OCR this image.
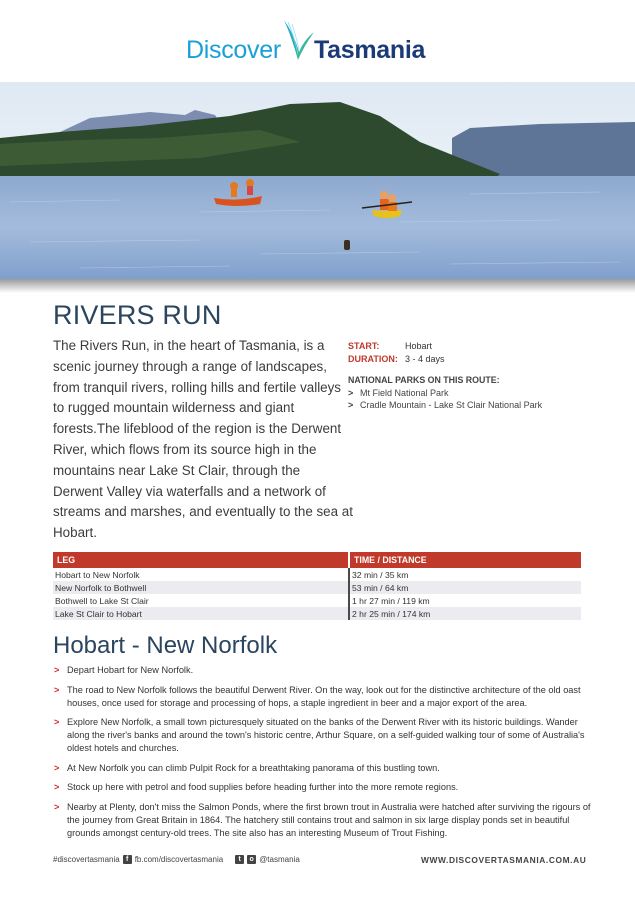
Discover Tasmania
RIVERS RUN

The Rivers Run, in the heart of Tasmania, is a scenic journey through a range of landscapes, from tranquil rivers, rolling hills and fertile valleys to rugged mountain wilderness and giant forests.The lifeblood of the region is the Derwent River, which flows from its source high in the mountains near Lake St Clair, through the Derwent Valley via waterfalls and a network of streams and marshes, and eventually to the sea at Hobart.

START:	Hobart
DURATION: 3 - 4 days
NATIONAL PARKS ON THIS ROUTE:
> Mt Field National Park
> Cradle Mountain - Lake St Clair National Park
LEG	TIME / DISTANCE
Hobart to New Norfolk	32 min / 35 km
New Norfolk to Bothwell	53 min / 64 km
Bothwell to Lake St Clair	1 hr 27 min / 119 km
Lake St Clair to Hobart	2 hr 25 min / 174 km
Hobart - New Norfolk
> Depart Hobart for New Norfolk.
> The road to New Norfolk follows the beautiful Derwent River. On the way, look out for the distinctive architecture of the old oast houses, once used for storage and processing of hops, a staple ingredient in beer and a major export of the area.
> Explore New Norfolk, a small town picturesquely situated on the banks of the Derwent River with its historic buildings. Wander along the river's banks and around the town's historic centre, Arthur Square, on a self-guided walking tour of some of Australia's oldest hotels and churches.
> At New Norfolk you can climb Pulpit Rock for a breathtaking panorama of this bustling town.
> Stock up here with petrol and food supplies before heading further into the more remote regions.
> Nearby at Plenty, don't miss the Salmon Ponds, where the first brown trout in Australia were hatched after surviving the rigours of the journey from Great Britain in 1864. The hatchery still contains trout and salmon in six large display ponds set in beautiful grounds amongst century-old trees. The site also has an interesting Museum of Trout Fishing.
#discovertasmania f fb.com/discovertasmania	t	o @tasmania	WWW.DISCOVERTASMANIA.COM.AU
